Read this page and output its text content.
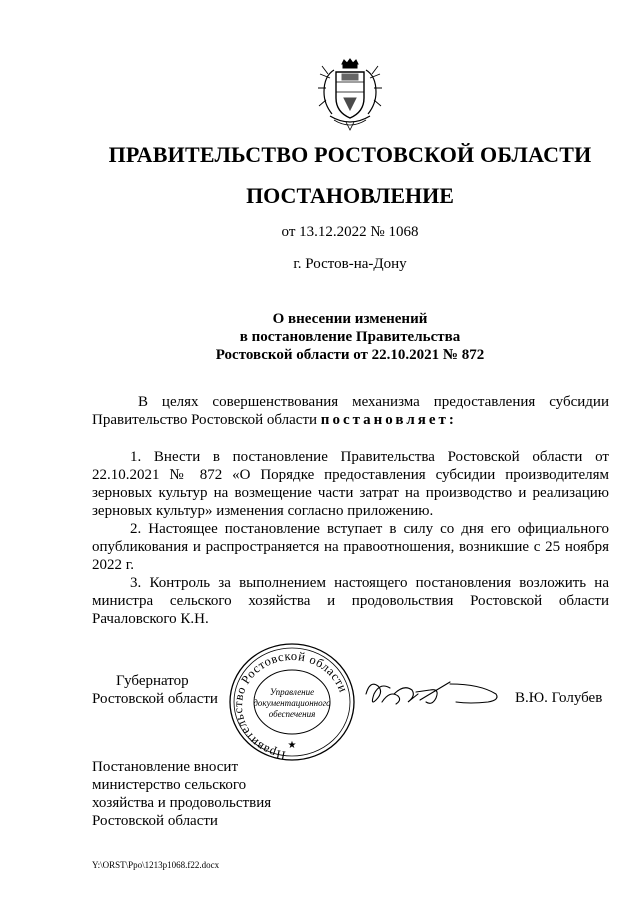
ПРАВИТЕЛЬСТВО РОСТОВСКОЙ ОБЛАСТИ
ПОСТАНОВЛЕНИЕ
от 13.12.2022 № 1068
г. Ростов-на-Дону
О внесении изменений
в постановление Правительства
Ростовской области от 22.10.2021 № 872

В целях совершенствования механизма предоставления субсидии Правительство Ростовской области постановляет:

1. Внести в постановление Правительства Ростовской области от 22.10.2021 № 872 «О Порядке предоставления субсидии производителям зерновых культур на возмещение части затрат на производство и реализацию зерновых культур» изменения согласно приложению.

2. Настоящее постановление вступает в силу со дня его официального опубликования и распространяется на правоотношения, возникшие с 25 ноября 2022 г.

3. Контроль за выполнением настоящего постановления возложить на министра сельского хозяйства и продовольствия Ростовской области Рачаловского К.Н.

Губернатор
Ростовской области
Правительство Ростовской области
Управление
документационного
обеспечения
★
В.Ю. Голубев
Постановление вносит
министерство сельского
хозяйства и продовольствия
Ростовской области
Y:\ORST\Ppo\1213p1068.f22.docx
